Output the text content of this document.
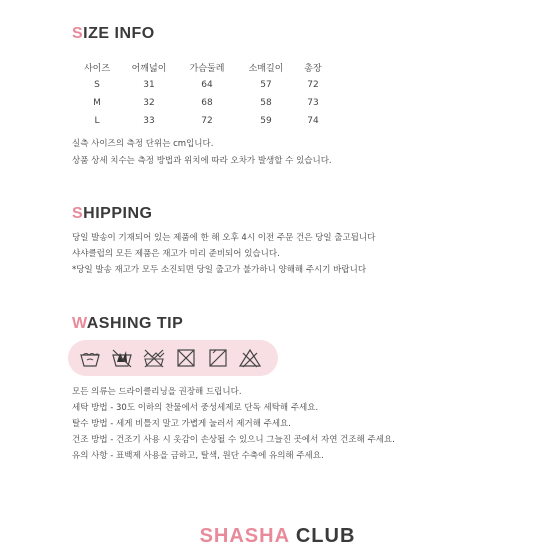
SIZE INFO
사이즈	어깨넓이	가슴둘레	소매길이	총장
S	31	64	57	72
M	32	68	58	73
L	33	72	59	74
실측 사이즈의 측정 단위는 cm입니다.
상품 상세 치수는 측정 방법과 위치에 따라 오차가 발생할 수 있습니다.
SHIPPING
당일 발송이 기재되어 있는 제품에 한 해 오후 4시 이전 주문 건은 당일 출고됩니다
샤샤클럽의 모든 제품은 재고가 미리 준비되어 있습니다.
*당일 발송 재고가 모두 소진되면 당일 출고가 불가하니 양해해 주시기 바랍니다
WASHING TIP
모든 의류는 드라이클리닝을 권장해 드립니다.
세탁 방법 - 30도 이하의 찬물에서 중성세제로 단독 세탁해 주세요.
탈수 방법 - 세게 비틀지 말고 가볍게 눌러서 제거해 주세요.
건조 방법 - 건조기 사용 시 옷감이 손상될 수 있으니 그늘진 곳에서 자연 건조해 주세요.
유의 사항 - 표백제 사용을 금하고, 탈색, 원단 수축에 유의해 주세요.
SHASHA CLUB
